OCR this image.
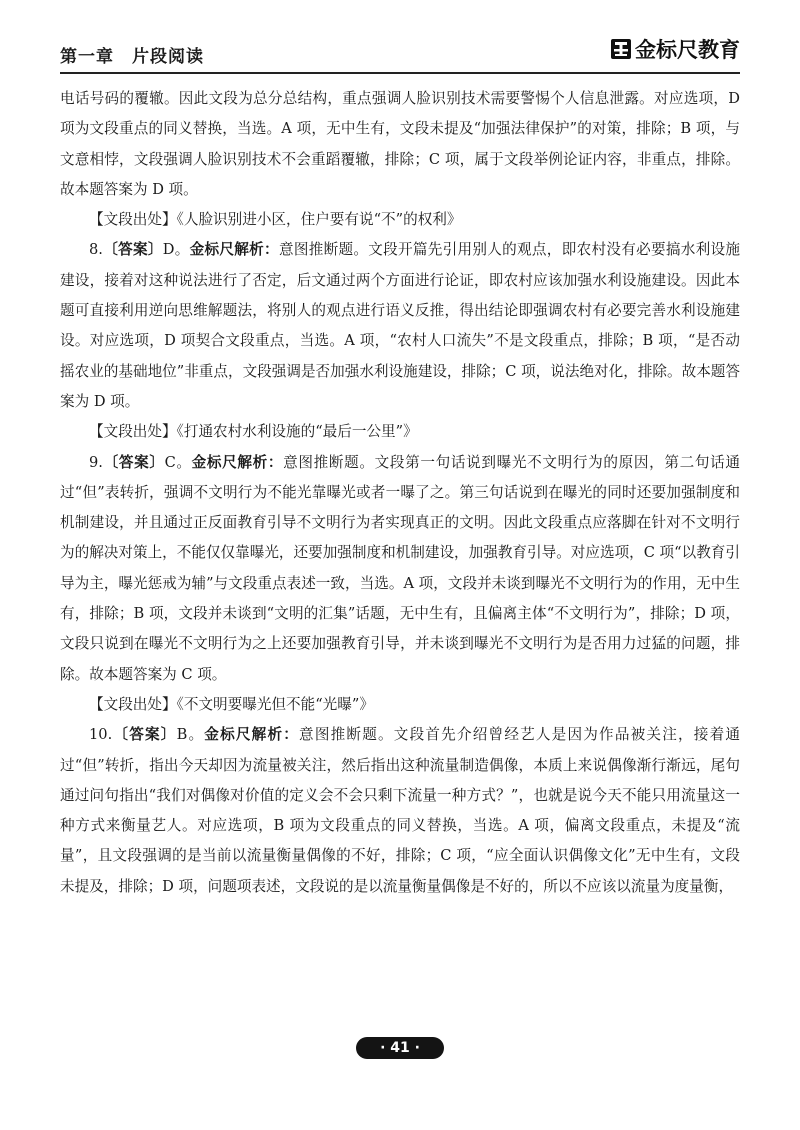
第一章　片段阅读	金标尺教育

电话号码的覆辙。因此文段为总分总结构，重点强调人脸识别技术需要警惕个人信息泄露。对应选项，D 项为文段重点的同义替换，当选。A 项，无中生有，文段未提及“加强法律保护”的对策，排除；B 项，与文意相悖，文段强调人脸识别技术不会重蹈覆辙，排除；C 项，属于文段举例论证内容，非重点，排除。故本题答案为 D 项。

【文段出处】《人脸识别进小区，住户要有说“不”的权利》

8.〔答案〕D。金标尺解析：意图推断题。文段开篇先引用别人的观点，即农村没有必要搞水利设施建设，接着对这种说法进行了否定，后文通过两个方面进行论证，即农村应该加强水利设施建设。因此本题可直接利用逆向思维解题法，将别人的观点进行语义反推，得出结论即强调农村有必要完善水利设施建设。对应选项，D 项契合文段重点，当选。A 项，“农村人口流失”不是文段重点，排除；B 项，“是否动摇农业的基础地位”非重点，文段强调是否加强水利设施建设，排除；C 项，说法绝对化，排除。故本题答案为 D 项。

【文段出处】《打通农村水利设施的“最后一公里”》

9.〔答案〕C。金标尺解析：意图推断题。文段第一句话说到曝光不文明行为的原因，第二句话通过“但”表转折，强调不文明行为不能光靠曝光或者一曝了之。第三句话说到在曝光的同时还要加强制度和机制建设，并且通过正反面教育引导不文明行为者实现真正的文明。因此文段重点应落脚在针对不文明行为的解决对策上，不能仅仅靠曝光，还要加强制度和机制建设，加强教育引导。对应选项，C 项“以教育引导为主，曝光惩戒为辅”与文段重点表述一致，当选。A 项，文段并未谈到曝光不文明行为的作用，无中生有，排除；B 项，文段并未谈到“文明的汇集”话题，无中生有，且偏离主体“不文明行为”，排除；D 项，文段只说到在曝光不文明行为之上还要加强教育引导，并未谈到曝光不文明行为是否用力过猛的问题，排除。故本题答案为 C 项。

【文段出处】《不文明要曝光但不能“光曝”》

10.〔答案〕B。金标尺解析：意图推断题。文段首先介绍曾经艺人是因为作品被关注，接着通过“但”转折，指出今天却因为流量被关注，然后指出这种流量制造偶像，本质上来说偶像渐行渐远，尾句通过问句指出“我们对偶像对价值的定义会不会只剩下流量一种方式？”，也就是说今天不能只用流量这一种方式来衡量艺人。对应选项，B 项为文段重点的同义替换，当选。A 项，偏离文段重点，未提及“流量”，且文段强调的是当前以流量衡量偶像的不好，排除；C 项，“应全面认识偶像文化”无中生有，文段未提及，排除；D 项，问题项表述，文段说的是以流量衡量偶像是不好的，所以不应该以流量为度量衡，

· 41 ·
